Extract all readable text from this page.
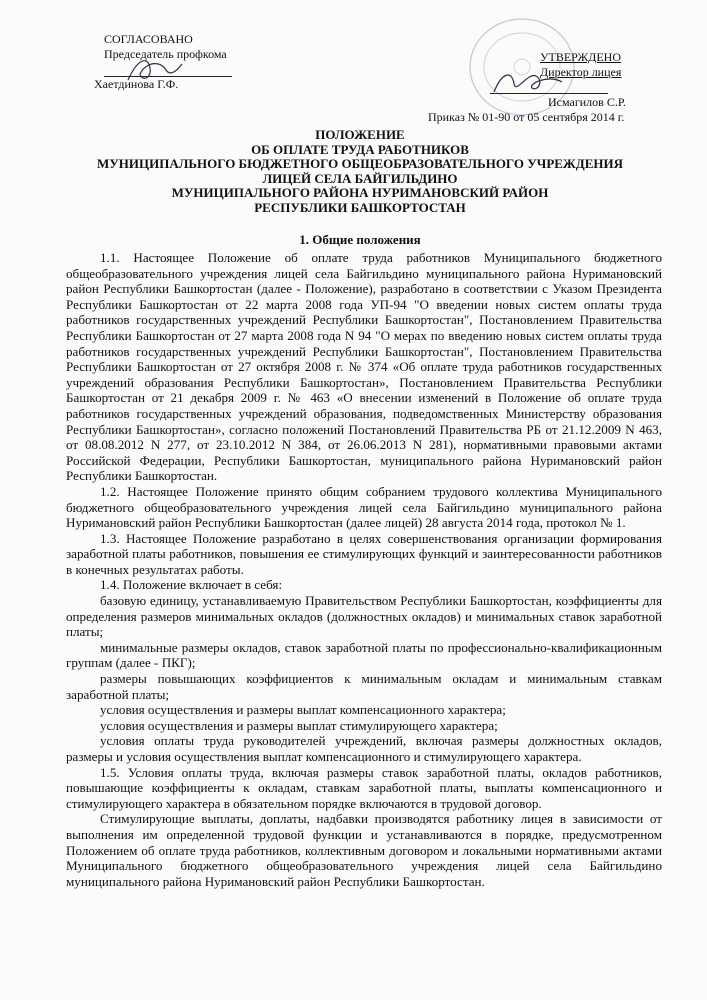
СОГЛАСОВАНО
Председатель профкома
Хаетдинова Г.Ф.
УТВЕРЖДЕНО
Директор лицея
Исмагилов С.Р.
Приказ № 01-90 от 05 сентября 2014 г.
ПОЛОЖЕНИЕ
ОБ ОПЛАТЕ ТРУДА РАБОТНИКОВ
МУНИЦИПАЛЬНОГО БЮДЖЕТНОГО ОБЩЕОБРАЗОВАТЕЛЬНОГО УЧРЕЖДЕНИЯ
ЛИЦЕЙ СЕЛА БАЙГИЛЬДИНО
МУНИЦИПАЛЬНОГО РАЙОНА НУРИМАНОВСКИЙ РАЙОН
РЕСПУБЛИКИ БАШКОРТОСТАН
1. Общие положения

1.1. Настоящее Положение об оплате труда работников Муниципального бюджетного общеобразовательного учреждения лицей села Байгильдино муниципального района Нуримановский район Республики Башкортостан (далее - Положение), разработано в соответствии с Указом Президента Республики Башкортостан от 22 марта 2008 года УП-94 "О введении новых систем оплаты труда работников государственных учреждений Республики Башкортостан", Постановлением Правительства Республики Башкортостан от 27 марта 2008 года N 94 "О мерах по введению новых систем оплаты труда работников государственных учреждений Республики Башкортостан", Постановлением Правительства Республики Башкортостан от 27 октября 2008 г. № 374 «Об оплате труда работников государственных учреждений образования Республики Башкортостан», Постановлением Правительства Республики Башкортостан от 21 декабря 2009 г. № 463 «О внесении изменений в Положение об оплате труда работников государственных учреждений образования, подведомственных Министерству образования Республики Башкортостан», согласно положений Постановлений Правительства РБ от 21.12.2009 N 463, от 08.08.2012 N 277, от 23.10.2012 N 384, от 26.06.2013 N 281), нормативными правовыми актами Российской Федерации, Республики Башкортостан, муниципального района Нуримановский район Республики Башкортостан.

1.2. Настоящее Положение принято общим собранием трудового коллектива Муниципального бюджетного общеобразовательного учреждения лицей села Байгильдино муниципального района Нуримановский район Республики Башкортостан (далее лицей) 28 августа 2014 года, протокол № 1.

1.3. Настоящее Положение разработано в целях совершенствования организации формирования заработной платы работников, повышения ее стимулирующих функций и заинтересованности работников в конечных результатах работы.

1.4. Положение включает в себя:

базовую единицу, устанавливаемую Правительством Республики Башкортостан, коэффициенты для определения размеров минимальных окладов (должностных окладов) и минимальных ставок заработной платы;

минимальные размеры окладов, ставок заработной платы по профессионально-квалификационным группам (далее - ПКГ);

размеры повышающих коэффициентов к минимальным окладам и минимальным ставкам заработной платы;

условия осуществления и размеры выплат компенсационного характера;

условия осуществления и размеры выплат стимулирующего характера;

условия оплаты труда руководителей учреждений, включая размеры должностных окладов, размеры и условия осуществления выплат компенсационного и стимулирующего характера.

1.5. Условия оплаты труда, включая размеры ставок заработной платы, окладов работников, повышающие коэффициенты к окладам, ставкам заработной платы, выплаты компенсационного и стимулирующего характера в обязательном порядке включаются в трудовой договор.

Стимулирующие выплаты, доплаты, надбавки производятся работнику лицея в зависимости от выполнения им определенной трудовой функции и устанавливаются в порядке, предусмотренном Положением об оплате труда работников, коллективным договором и локальными нормативными актами Муниципального бюджетного общеобразовательного учреждения лицей села Байгильдино муниципального района Нуримановский район Республики Башкортостан.
